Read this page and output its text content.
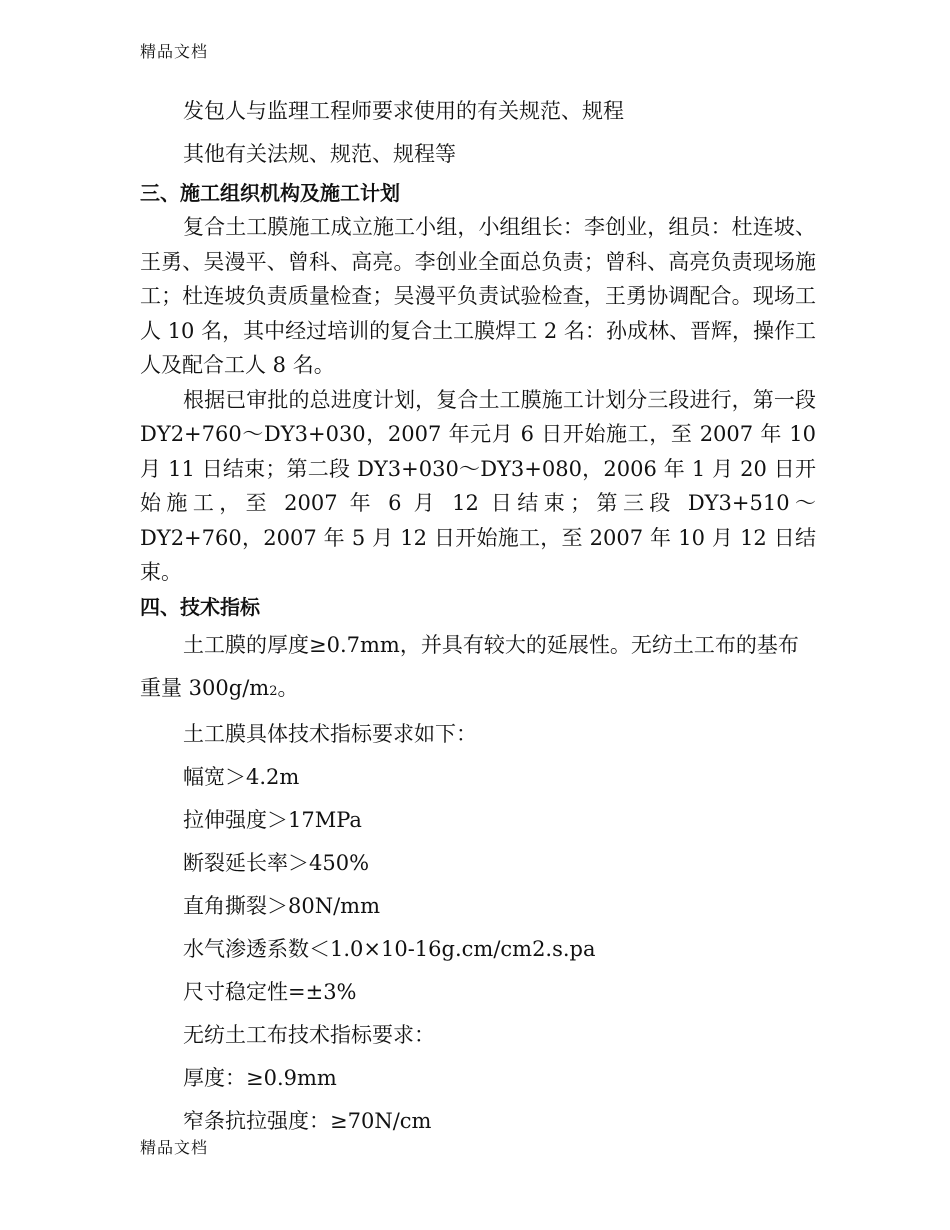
精品文档

发包人与监理工程师要求使用的有关规范、规程

其他有关法规、规范、规程等

三、施工组织机构及施工计划

复合土工膜施工成立施工小组，小组组长：李创业，组员：杜连坡、王勇、吴漫平、曾科、高亮。李创业全面总负责；曾科、高亮负责现场施工；杜连坡负责质量检查；吴漫平负责试验检查，王勇协调配合。现场工人 10 名，其中经过培训的复合土工膜焊工 2 名：孙成林、晋辉，操作工人及配合工人 8 名。

根据已审批的总进度计划，复合土工膜施工计划分三段进行，第一段 DY2+760～DY3+030，2007 年元月 6 日开始施工，至 2007 年 10 月 11 日结束；第二段 DY3+030～DY3+080，2006 年 1 月 20 日开始施工，至 2007 年 6 月 12 日结束；第三段 DY3+510～DY2+760，2007 年 5 月 12 日开始施工，至 2007 年 10 月 12 日结束。

四、技术指标

土工膜的厚度≥0.7mm，并具有较大的延展性。无纺土工布的基布

重量 300g/m2。

土工膜具体技术指标要求如下：

幅宽＞4.2m

拉伸强度＞17MPa

断裂延长率＞450%

直角撕裂＞80N/mm

水气渗透系数＜1.0×10-16g.cm/cm2.s.pa

尺寸稳定性=±3%

无纺土工布技术指标要求：

厚度：≥0.9mm

窄条抗拉强度：≥70N/cm

精品文档
